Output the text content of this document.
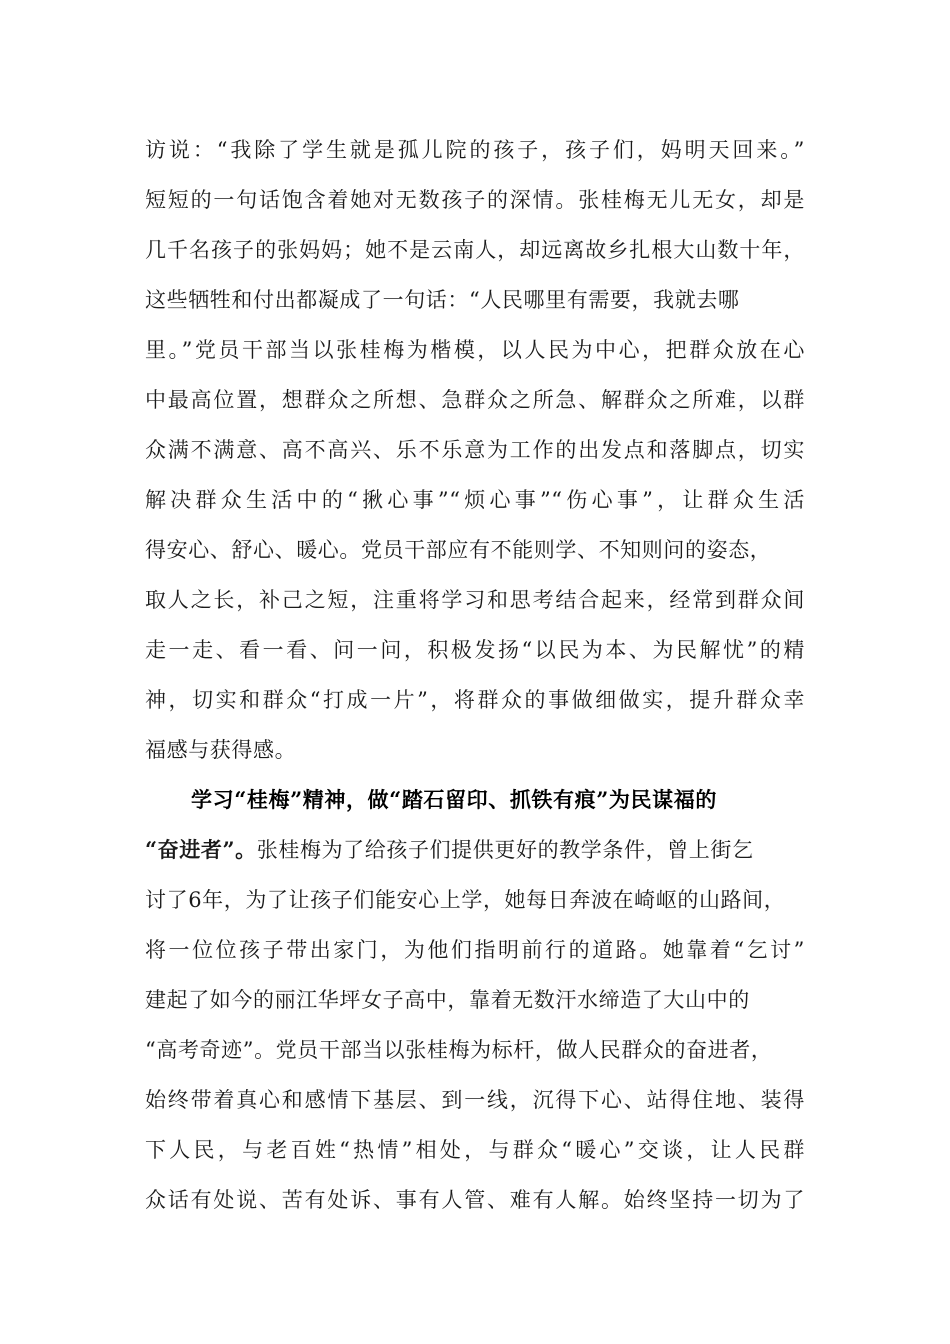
访说：“我除了学生就是孤儿院的孩子，孩子们，妈明天回来。”
短短的一句话饱含着她对无数孩子的深情。张桂梅无儿无女，却是
几千名孩子的张妈妈；她不是云南人，却远离故乡扎根大山数十年，
这些牺牲和付出都凝成了一句话：“人民哪里有需要，我就去哪
里。”党员干部当以张桂梅为楷模，以人民为中心，把群众放在心
中最高位置，想群众之所想、急群众之所急、解群众之所难，以群
众满不满意、高不高兴、乐不乐意为工作的出发点和落脚点，切实
解决群众生活中的“揪心事”“烦心事”“伤心事”，让群众生活
得安心、舒心、暖心。党员干部应有不能则学、不知则问的姿态，
取人之长，补己之短，注重将学习和思考结合起来，经常到群众间
走一走、看一看、问一问，积极发扬“以民为本、为民解忧”的精
神，切实和群众“打成一片”，将群众的事做细做实，提升群众幸
福感与获得感。
学习“桂梅”精神，做“踏石留印、抓铁有痕”为民谋福的
“奋进者”。张桂梅为了给孩子们提供更好的教学条件，曾上街乞
讨了6年，为了让孩子们能安心上学，她每日奔波在崎岖的山路间，
将一位位孩子带出家门，为他们指明前行的道路。她靠着“乞讨”
建起了如今的丽江华坪女子高中，靠着无数汗水缔造了大山中的
“高考奇迹”。党员干部当以张桂梅为标杆，做人民群众的奋进者，
始终带着真心和感情下基层、到一线，沉得下心、站得住地、装得
下人民，与老百姓“热情”相处，与群众“暖心”交谈，让人民群
众话有处说、苦有处诉、事有人管、难有人解。始终坚持一切为了
